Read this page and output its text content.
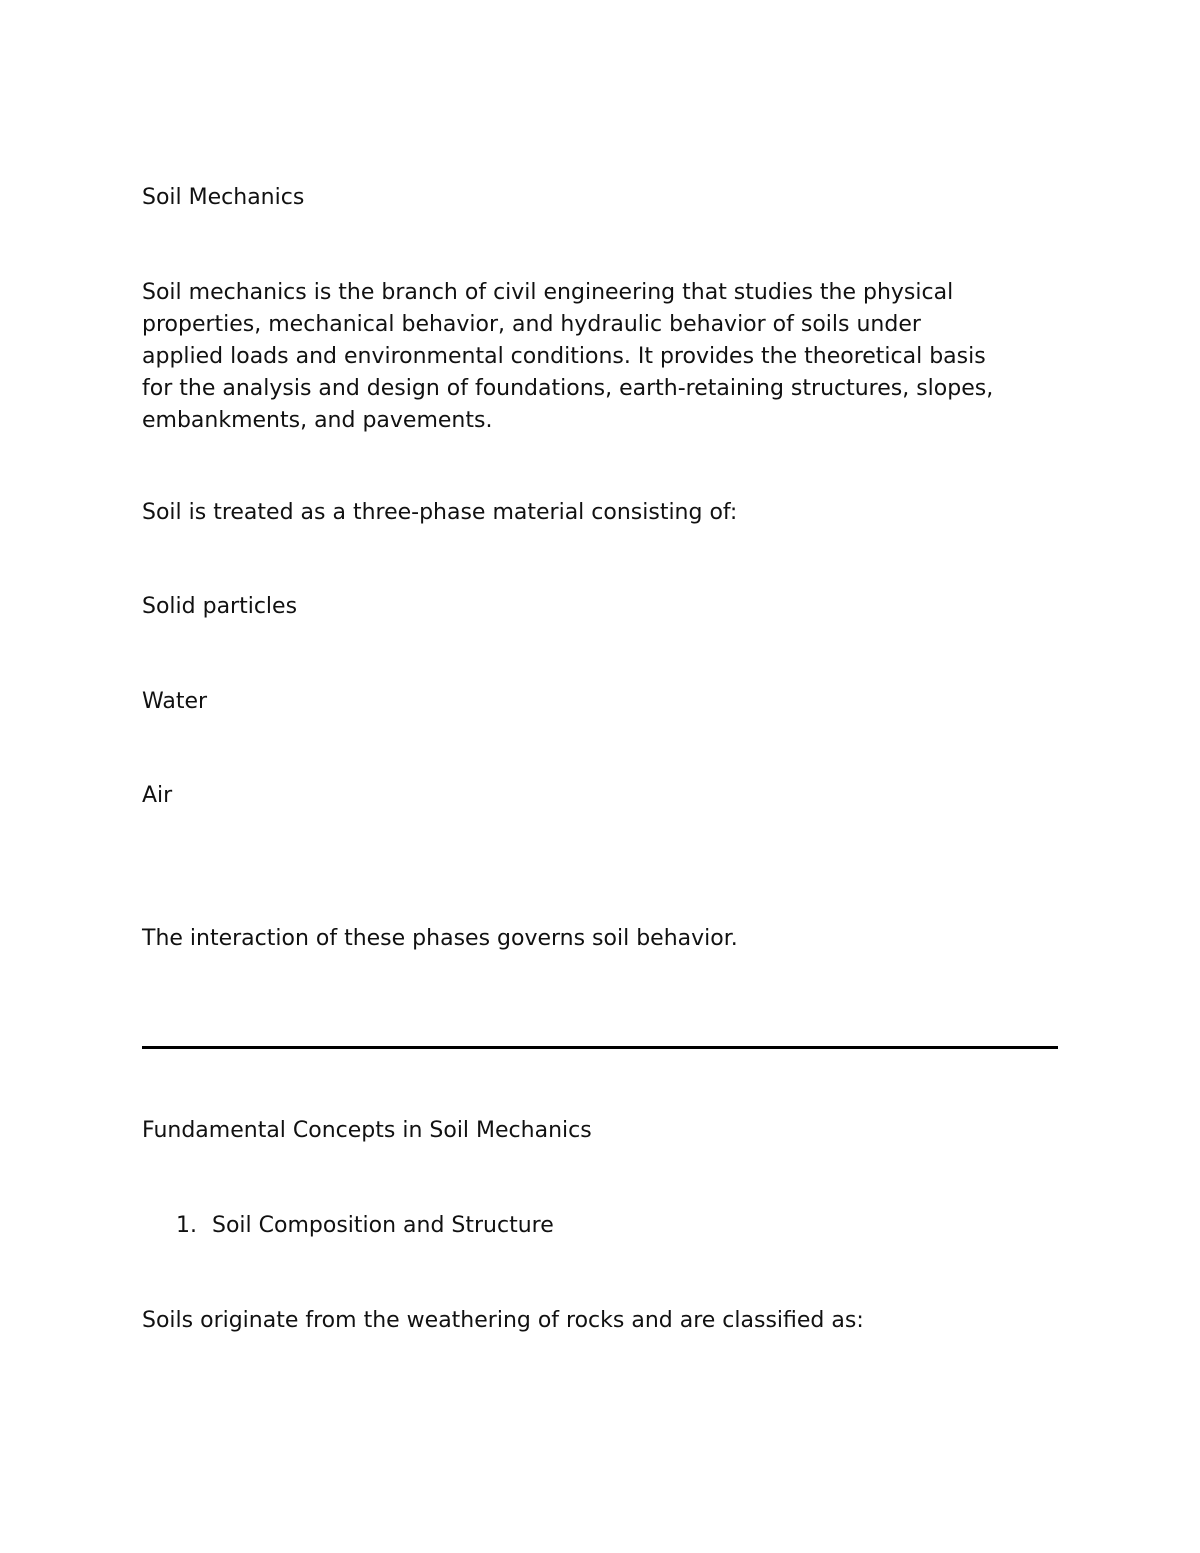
Soil Mechanics

Soil mechanics is the branch of civil engineering that studies the physical
properties, mechanical behavior, and hydraulic behavior of soils under
applied loads and environmental conditions. It provides the theoretical basis
for the analysis and design of foundations, earth-retaining structures, slopes,
embankments, and pavements.

Soil is treated as a three-phase material consisting of:

Solid particles

Water

Air

The interaction of these phases governs soil behavior.

Fundamental Concepts in Soil Mechanics

1. Soil Composition and Structure

Soils originate from the weathering of rocks and are classified as:
